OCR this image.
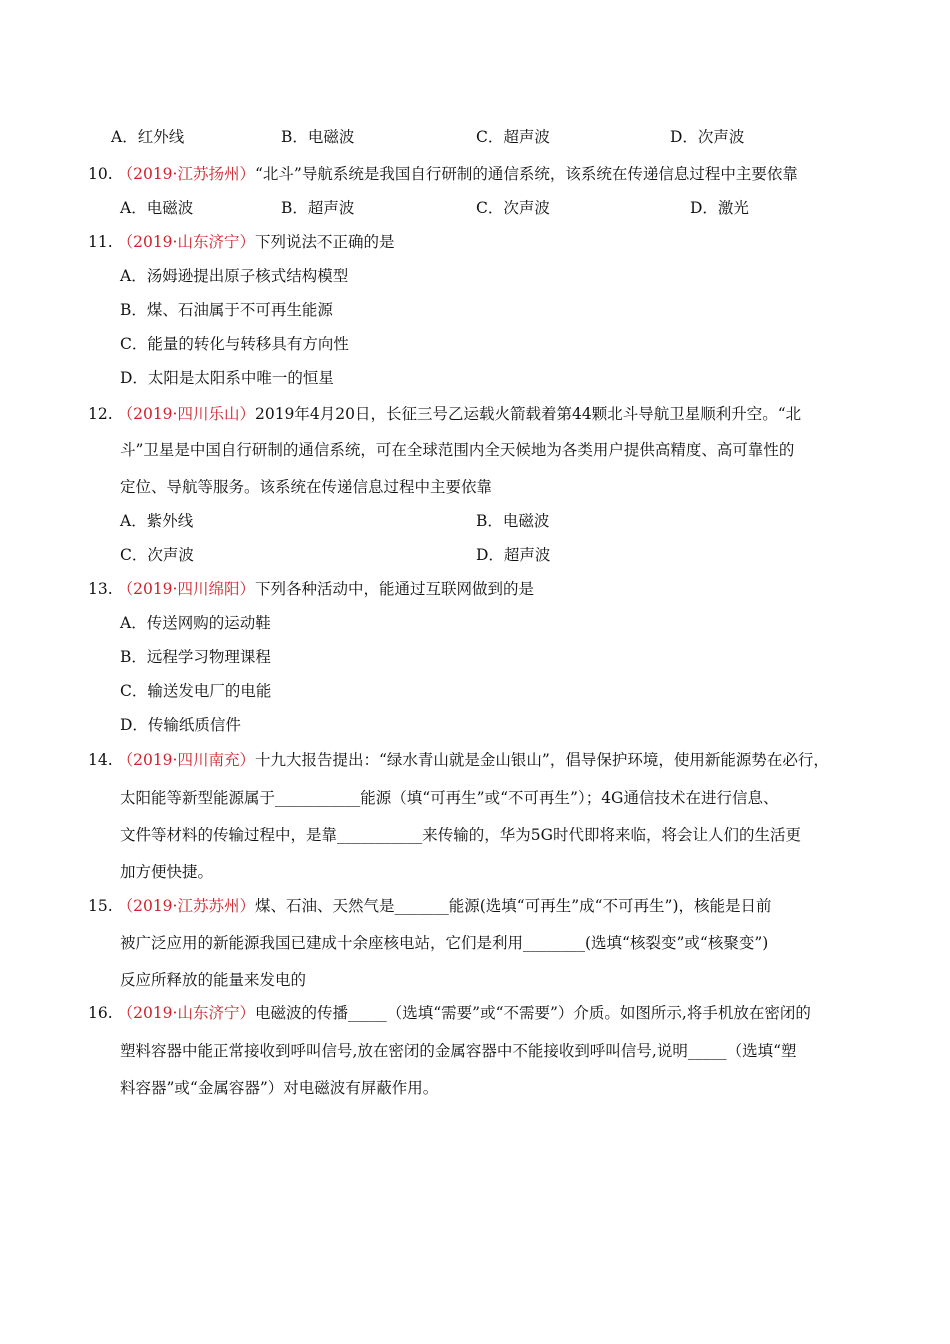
A．红外线	B．电磁波	C．超声波	D．次声波
10. （2019·江苏扬州）“北斗”导航系统是我国自行研制的通信系统，该系统在传递信息过程中主要依靠
A．电磁波	B．超声波	C．次声波	D．激光
11. （2019·山东济宁）下列说法不正确的是
A．汤姆逊提出原子核式结构模型
B．煤、石油属于不可再生能源
C．能量的转化与转移具有方向性
D．太阳是太阳系中唯一的恒星
12. （2019·四川乐山）2019年4月20日，长征三号乙运载火箭载着第44颗北斗导航卫星顺利升空。“北
斗”卫星是中国自行研制的通信系统，可在全球范围内全天候地为各类用户提供高精度、高可靠性的
定位、导航等服务。该系统在传递信息过程中主要依靠
A．紫外线	B．电磁波
C．次声波	D．超声波
13. （2019·四川绵阳）下列各种活动中，能通过互联网做到的是
A．传送网购的运动鞋
B．远程学习物理课程
C．输送发电厂的电能
D．传输纸质信件
14. （2019·四川南充）十九大报告提出：“绿水青山就是金山银山”，倡导保护环境，使用新能源势在必行，
太阳能等新型能源属于___________能源（填“可再生”或“不可再生”）；4G通信技术在进行信息、
文件等材料的传输过程中，是靠___________来传输的，华为5G时代即将来临，将会让人们的生活更
加方便快捷。
15. （2019·江苏苏州）煤、石油、天然气是_______能源(选填“可再生”成“不可再生”)，核能是日前
被广泛应用的新能源我国已建成十余座核电站，它们是利用________(选填“核裂变”或“核聚变”)
反应所释放的能量来发电的
16. （2019·山东济宁）电磁波的传播_____（选填“需要”或“不需要”）介质。如图所示,将手机放在密闭的
塑料容器中能正常接收到呼叫信号,放在密闭的金属容器中不能接收到呼叫信号,说明_____（选填“塑
料容器”或“金属容器”）对电磁波有屏蔽作用。
